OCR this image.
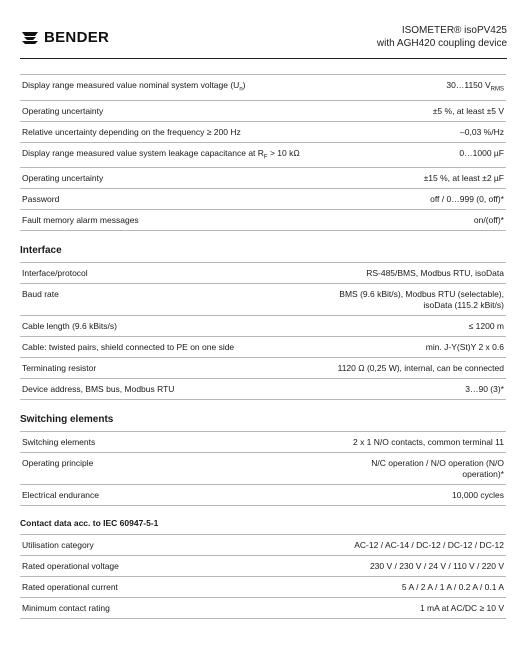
BENDER	ISOMETER® isoPV425
with AGH420 coupling device
Display range measured value nominal system voltage $(U_n)$	30…1150 $V_{RMS}$
Operating uncertainty	±5 %, at least ±5 V
Relative uncertainty depending on the frequency ≥ 200 Hz	–0,03 %/Hz
Display range measured value system leakage capacitance at $R_F > 10$ kΩ	0…1000 µF
Operating uncertainty	±15 %, at least ±2 µF
Password	off / 0…999 (0, off)*
Fault memory alarm messages	on/(off)*
Interface
Interface/protocol	RS-485/BMS, Modbus RTU, isoData
Baud rate	BMS (9.6 kBit/s), Modbus RTU (selectable), isoData (115.2 kBit/s)
Cable length (9.6 kBits/s)	≤ 1200 m
Cable: twisted pairs, shield connected to PE on one side	min. J-Y(St)Y 2 x 0.6
Terminating resistor	1120 Ω (0,25 W), internal, can be connected
Device address, BMS bus, Modbus RTU	3…90 (3)*
Switching elements
Switching elements	2 x 1 N/O contacts, common terminal 11
Operating principle	N/C operation / N/O operation (N/O operation)*
Electrical endurance	10,000 cycles
Contact data acc. to IEC 60947-5-1
Utilisation category	AC-12 / AC-14 / DC-12 / DC-12 / DC-12
Rated operational voltage	230 V / 230 V / 24 V / 110 V / 220 V
Rated operational current	5 A / 2 A / 1 A / 0.2 A / 0.1 A
Minimum contact rating	1 mA at AC/DC ≥ 10 V
